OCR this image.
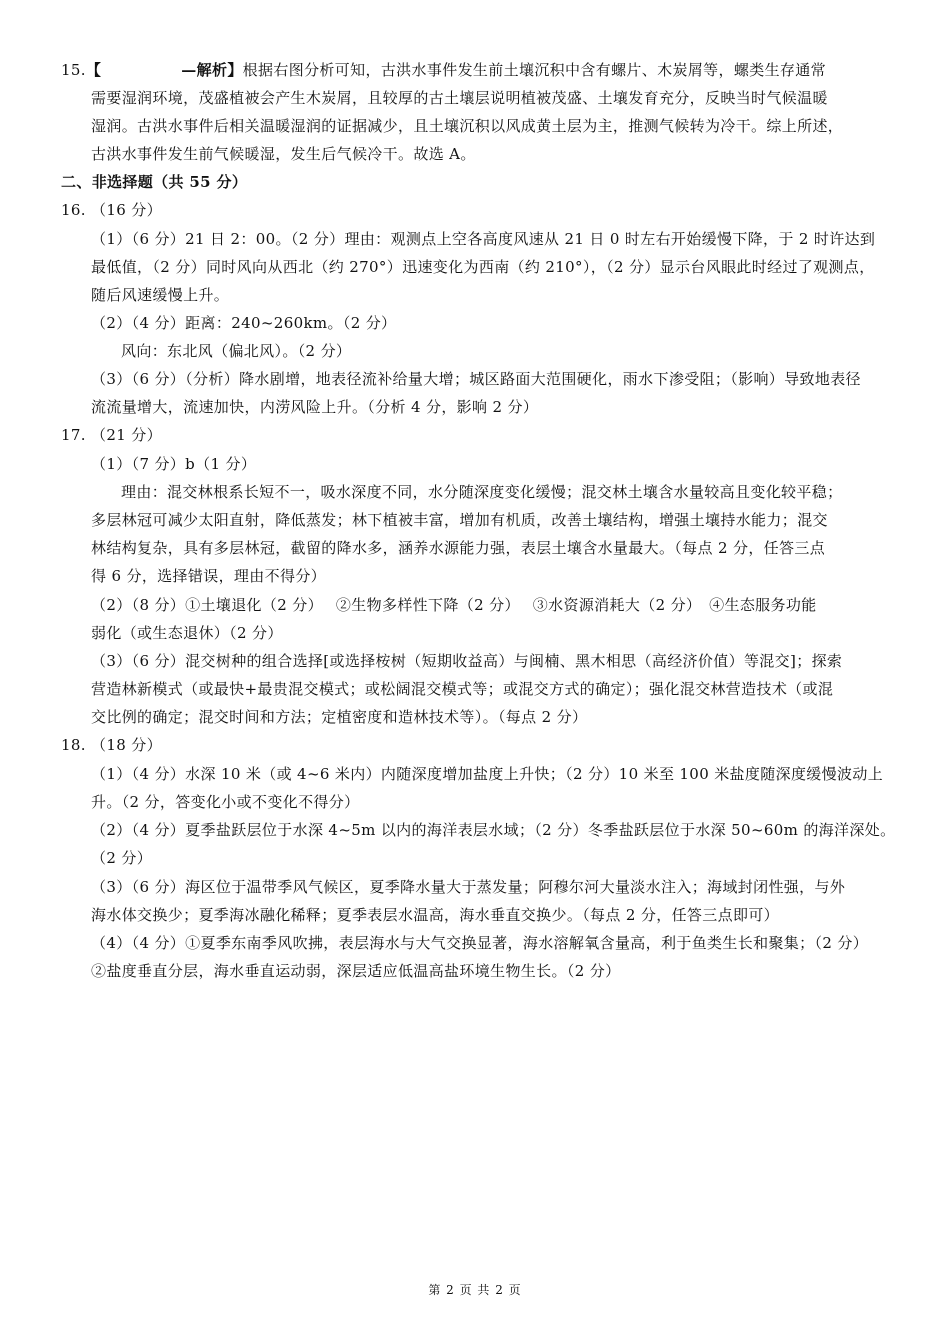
15.【	—解析】根据右图分析可知，古洪水事件发生前土壤沉积中含有螺片、木炭屑等，螺类生存通常
需要湿润环境，茂盛植被会产生木炭屑，且较厚的古土壤层说明植被茂盛、土壤发育充分，反映当时气候温暖
湿润。古洪水事件后相关温暖湿润的证据减少，且土壤沉积以风成黄土层为主，推测气候转为冷干。综上所述，
古洪水事件发生前气候暖湿，发生后气候冷干。故选 A。
二、非选择题（共 55 分）
16. （16 分）
（1）（6 分）21 日 2：00。（2 分）理由：观测点上空各高度风速从 21 日 0 时左右开始缓慢下降，于 2 时许达到
最低值，（2 分）同时风向从西北（约 270°）迅速变化为西南（约 210°），（2 分）显示台风眼此时经过了观测点，
随后风速缓慢上升。
（2）（4 分）距离：240~260km。（2 分）
风向：东北风（偏北风）。（2 分）
（3）（6 分）（分析）降水剧增，地表径流补给量大增；城区路面大范围硬化，雨水下渗受阻；（影响）导致地表径
流流量增大，流速加快，内涝风险上升。（分析 4 分，影响 2 分）
17. （21 分）
（1）（7 分）b（1 分）
理由：混交林根系长短不一，吸水深度不同，水分随深度变化缓慢；混交林土壤含水量较高且变化较平稳；
多层林冠可减少太阳直射，降低蒸发；林下植被丰富，增加有机质，改善土壤结构，增强土壤持水能力；混交
林结构复杂，具有多层林冠，截留的降水多，涵养水源能力强，表层土壤含水量最大。（每点 2 分，任答三点
得 6 分，选择错误，理由不得分）
（2）（8 分）①土壤退化（2 分）　 ②生物多样性下降（2 分）　 ③水资源消耗大（2 分）　④生态服务功能
弱化（或生态退休）（2 分）
（3）（6 分）混交树种的组合选择[或选择桉树（短期收益高）与闽楠、黑木相思（高经济价值）等混交]；探索
营造林新模式（或最快+最贵混交模式；或松阔混交模式等；或混交方式的确定）；强化混交林营造技术（或混
交比例的确定；混交时间和方法；定植密度和造林技术等）。（每点 2 分）
18. （18 分）
（1）（4 分）水深 10 米（或 4~6 米内）内随深度增加盐度上升快；（2 分）10 米至 100 米盐度随深度缓慢波动上
升。（2 分，答变化小或不变化不得分）
（2）（4 分）夏季盐跃层位于水深 4~5m 以内的海洋表层水域；（2 分）冬季盐跃层位于水深 50~60m 的海洋深处。
（2 分）
（3）（6 分）海区位于温带季风气候区，夏季降水量大于蒸发量；阿穆尔河大量淡水注入；海域封闭性强，与外
海水体交换少；夏季海冰融化稀释；夏季表层水温高，海水垂直交换少。（每点 2 分，任答三点即可）
（4）（4 分）①夏季东南季风吹拂，表层海水与大气交换显著，海水溶解氧含量高，利于鱼类生长和聚集；（2 分）
②盐度垂直分层，海水垂直运动弱，深层适应低温高盐环境生物生长。（2 分）
第 2 页 共 2 页
